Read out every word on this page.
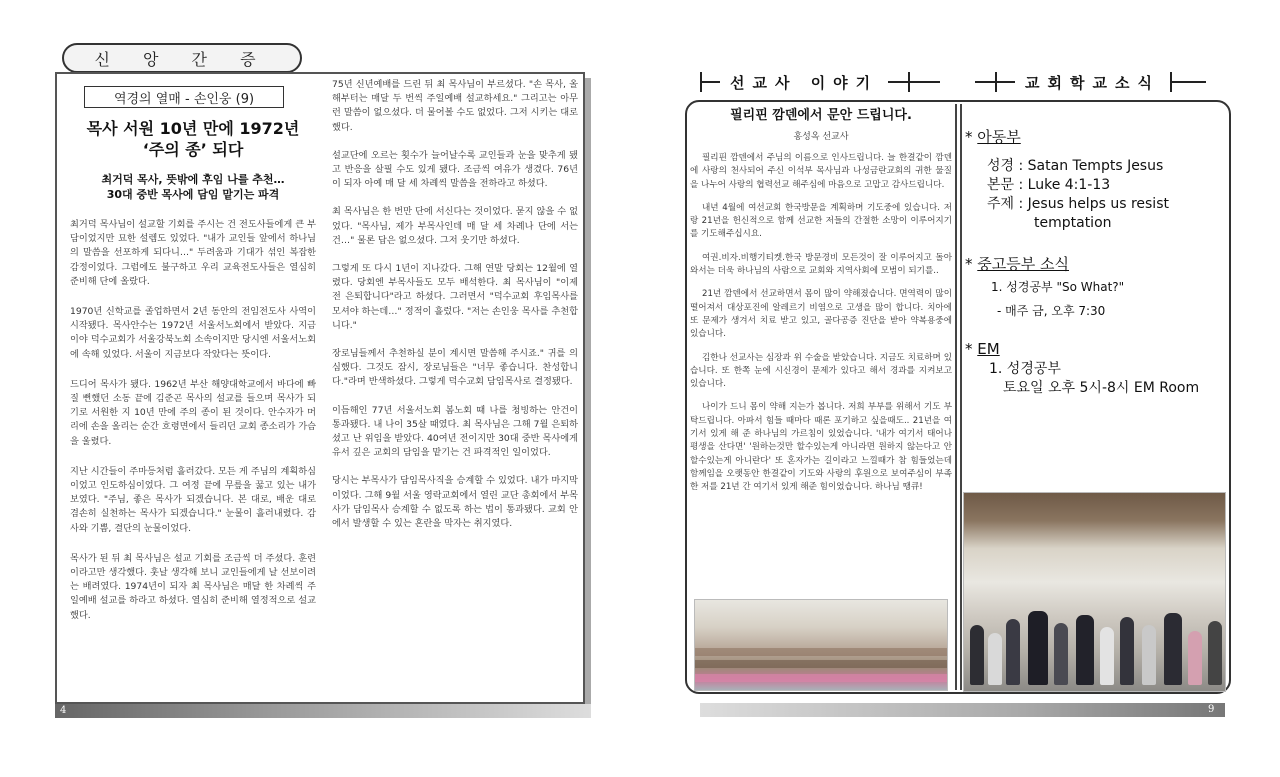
신 앙 간 증
4
역경의 열매 - 손인웅 (9)
목사 서원 10년 만에 1972년
‘주의 종’ 되다
최거덕 목사, 뜻밖에 후임 나를 추천…
30대 중반 목사에 담임 맡기는 파격

최거덕 목사님이 설교할 기회를 주시는 건 전도사들에게 큰 부담이었지만 묘한 설렘도 있었다. "내가 교인들 앞에서 하나님의 말씀을 선포하게 되다니…" 두려움과 기대가 섞인 복잡한 감정이었다. 그럼에도 불구하고 우리 교육전도사들은 열심히 준비해 단에 올랐다.

1970년 신학교를 졸업하면서 2년 동안의 전임전도사 사역이 시작됐다. 목사안수는 1972년 서울서노회에서 받았다. 지금이야 덕수교회가 서울강북노회 소속이지만 당시엔 서울서노회에 속해 있었다. 서울이 지금보다 작았다는 뜻이다.

드디어 목사가 됐다. 1962년 부산 해양대학교에서 바다에 빠질 뻔했던 소동 끝에 김준곤 목사의 설교를 들으며 목사가 되기로 서원한 지 10년 만에 주의 종이 된 것이다. 안수자가 머리에 손을 올리는 순간 흐령면에서 들리던 교회 종소리가 가슴을 울렸다.

지난 시간들이 주마등처럼 흘러갔다. 모든 게 주님의 계획하심이었고 인도하심이었다. 그 여정 끝에 무릎을 꿇고 있는 내가 보였다. "주님, 좋은 목사가 되겠습니다. 본 대로, 배운 대로 겸손히 실천하는 목사가 되겠습니다." 눈물이 흘러내렸다. 감사와 기쁨, 결단의 눈물이었다.

목사가 된 뒤 최 목사님은 설교 기회를 조금씩 더 주셨다. 훈련이라고만 생각했다. 훗날 생각해 보니 교인들에게 날 선보이려는 배려였다. 1974년이 되자 최 목사님은 매달 한 차례씩 주일예배 설교를 하라고 하셨다. 열심히 준비해 열정적으로 설교했다.

75년 신년예배를 드린 뒤 최 목사님이 부르셨다. "손 목사, 올해부터는 매달 두 번씩 주일예배 설교하세요." 그리고는 아무런 말씀이 없으셨다. 더 물어볼 수도 없었다. 그저 시키는 대로 했다.

설교단에 오르는 횟수가 늘어날수록 교인들과 눈을 맞추게 됐고 반응을 살필 수도 있게 됐다. 조금씩 여유가 생겼다. 76년이 되자 아예 매 달 세 차례씩 말씀을 전하라고 하셨다.

최 목사님은 한 번만 단에 서신다는 것이었다. 묻지 않을 수 없었다. "목사님, 제가 부목사인데 매 달 세 차례나 단에 서는 건…" 물론 답은 없으셨다. 그저 웃기만 하셨다.

그렇게 또 다시 1년이 지나갔다. 그해 연말 당회는 12월에 열렸다. 당회엔 부목사들도 모두 배석한다. 최 목사님이 "이제 전 은퇴합니다"라고 하셨다. 그러면서 "덕수교회 후임목사를 모셔야 하는데…" 정적이 흘렀다. "저는 손인웅 목사를 추천합니다."

장로님들께서 추천하실 분이 계시면 말씀해 주시죠." 귀를 의심했다. 그것도 잠시, 장로님들은 "너무 좋습니다. 찬성합니다."라며 반색하셨다. 그렇게 덕수교회 담임목사로 결정됐다.

이듬해인 77년 서울서노회 봄노회 때 나를 청빙하는 안건이 통과됐다. 내 나이 35살 때였다. 최 목사님은 그해 7월 은퇴하셨고 난 위임을 받았다. 40여년 전이지만 30대 중반 목사에게 유서 깊은 교회의 담임을 맡기는 건 파격적인 일이었다.

당시는 부목사가 담임목사직을 승계할 수 있었다. 내가 마지막이었다. 그해 9월 서울 영락교회에서 열린 교단 총회에서 부목사가 담임목사 승계할 수 없도록 하는 법이 통과됐다. 교회 안에서 발생할 수 있는 혼란을 막자는 취지였다.

선교사 이야기	교회학교소식
9
필리핀 깜덴에서 문안 드립니다.
홍성옥 선교사

필리핀 깜덴에서 주님의 이름으로 인사드립니다. 늘 한결같이 깜덴에 사랑의 천사되어 주신 이석부 목사님과 나성금란교회의 귀한 물질을 나누어 사랑의 협력선교 해주심에 마음으로 고맙고 감사드립니다.

내년 4월에 여선교회 한국방문을 계획하며 기도중에 있습니다. 저랑 21년을 헌신적으로 함께 선교한 저들의 간절한 소망이 이루어지기를 기도해주십시요.

여권.비자.비행기티켓.한국 방문경비 모든것이 잘 이루어지고 돌아와서는 더욱 하나님의 사람으로 교회와 지역사회에 모범이 되기를..

21년 깜덴에서 선교하면서 몸이 많이 약해졌습니다. 면역력이 많이 떨어져서 대상포진에 알레르기 비염으로 고생을 많이 합니다. 치아에 또 문제가 생겨서 치료 받고 있고, 골다공증 진단을 받아 약복용중에 있습니다.

김한나 선교사는 심장과 위 수술을 받았습니다. 지금도 치료하며 있습니다. 또 한쪽 눈에 시신경이 문제가 있다고 해서 경과를 지켜보고 있습니다.

나이가 드니 몸이 약해 지는가 봅니다. 저희 부부를 위해서 기도 부탁드립니다. 아파서 힘들 때마다 때론 포기하고 싶을때도.. 21년을 여기서 있게 해 준 하나님의 가르침이 있었습니다. '내가 여기서 태어나 평생을 산다면' '원하는것만 할수있는게 아니라면 원하지 않는다고 안할수있는게 아니란다' 또 혼자가는 길이라고 느낄때가 참 힘들었는데 함께임을 오랫동안 한결같이 기도와 사랑의 후원으로 보여주심이 부족한 저를 21년 간 여기서 있게 해준 힘이었습니다. 하나님 땡큐!

* 아동부
성경 : Satan Tempts Jesus
본문 : Luke 4:1-13
주제 : Jesus helps us resist
temptation
* 중고등부 소식
1. 성경공부 "So What?"
- 매주 금, 오후 7:30
* EM
1. 성경공부
토요일 오후 5시-8시 EM Room
